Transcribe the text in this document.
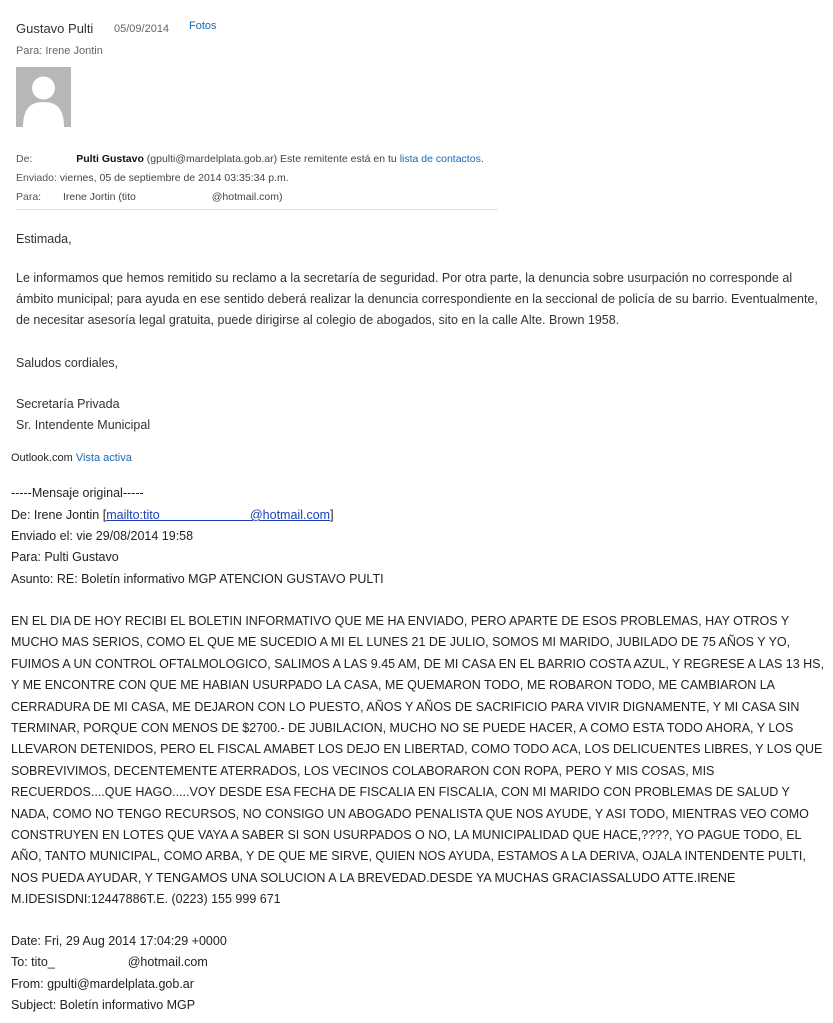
Gustavo Pulti 05/09/2014 Fotos
Para: Irene Jontin
De:	Pulti Gustavo (gpulti@mardelplata.gob.ar) Este remitente está en tu lista de contactos.
Enviado: viernes, 05 de septiembre de 2014 03:35:34 p.m.
Para: Irene Jortin (tito                          @hotmail.com)
Estimada,
Le informamos que hemos remitido su reclamo a la secretaría de seguridad. Por otra parte, la denuncia sobre usurpación no corresponde al ámbito municipal; para ayuda en ese sentido deberá realizar la denuncia correspondiente en la seccional de policía de su barrio. Eventualmente, de necesitar asesoría legal gratuita, puede dirigirse al colegio de abogados, sito en la calle Alte. Brown 1958.
Saludos cordiales,
Secretaría Privada
Sr. Intendente Municipal
Outlook.com Vista activa
-----Mensaje original-----
De: Irene Jontin [mailto:tito                          @hotmail.com]
Enviado el: vie 29/08/2014 19:58
Para: Pulti Gustavo
Asunto: RE: Boletín informativo MGP ATENCION GUSTAVO PULTI
EN EL DIA DE HOY RECIBI EL BOLETIN INFORMATIVO QUE ME HA ENVIADO, PERO APARTE DE ESOS PROBLEMAS, HAY OTROS Y MUCHO MAS SERIOS, COMO EL QUE ME SUCEDIO A MI EL LUNES 21 DE JULIO, SOMOS MI MARIDO, JUBILADO DE 75 AÑOS Y YO, FUIMOS A UN CONTROL OFTALMOLOGICO, SALIMOS A LAS 9.45 AM, DE MI CASA EN EL BARRIO COSTA AZUL, Y REGRESE A LAS 13 HS, Y ME ENCONTRE CON QUE ME HABIAN USURPADO LA CASA, ME QUEMARON TODO, ME ROBARON TODO, ME CAMBIARON LA CERRADURA DE MI CASA, ME DEJARON CON LO PUESTO, AÑOS Y AÑOS DE SACRIFICIO PARA VIVIR DIGNAMENTE, Y MI CASA SIN TERMINAR, PORQUE CON MENOS DE $2700.- DE JUBILACION, MUCHO NO SE PUEDE HACER, A COMO ESTA TODO AHORA, Y LOS LLEVARON DETENIDOS, PERO EL FISCAL AMABET LOS DEJO EN LIBERTAD, COMO TODO ACA, LOS DELICUENTES LIBRES, Y LOS QUE SOBREVIVIMOS, DECENTEMENTE ATERRADOS, LOS VECINOS COLABORARON CON ROPA, PERO Y MIS COSAS, MIS RECUERDOS....QUE HAGO.....VOY DESDE ESA FECHA DE FISCALIA EN FISCALIA, CON MI MARIDO CON PROBLEMAS DE SALUD Y NADA, COMO NO TENGO RECURSOS, NO CONSIGO UN ABOGADO PENALISTA QUE NOS AYUDE, Y ASI TODO, MIENTRAS VEO COMO CONSTRUYEN EN LOTES QUE VAYA A SABER SI SON USURPADOS O NO, LA MUNICIPALIDAD QUE HACE,????, YO PAGUE TODO, EL AÑO, TANTO MUNICIPAL, COMO ARBA, Y DE QUE ME SIRVE, QUIEN NOS AYUDA, ESTAMOS A LA DERIVA, OJALA INTENDENTE PULTI, NOS PUEDA AYUDAR, Y TENGAMOS UNA SOLUCION A LA BREVEDAD.DESDE YA MUCHAS GRACIASSALUDO ATTE.IRENE M.IDESISDNI:12447886T.E. (0223) 155 999 671
Date: Fri, 29 Aug 2014 17:04:29 +0000
To: tito_                     @hotmail.com
From: gpulti@mardelplata.gob.ar
Subject: Boletín informativo MGP
